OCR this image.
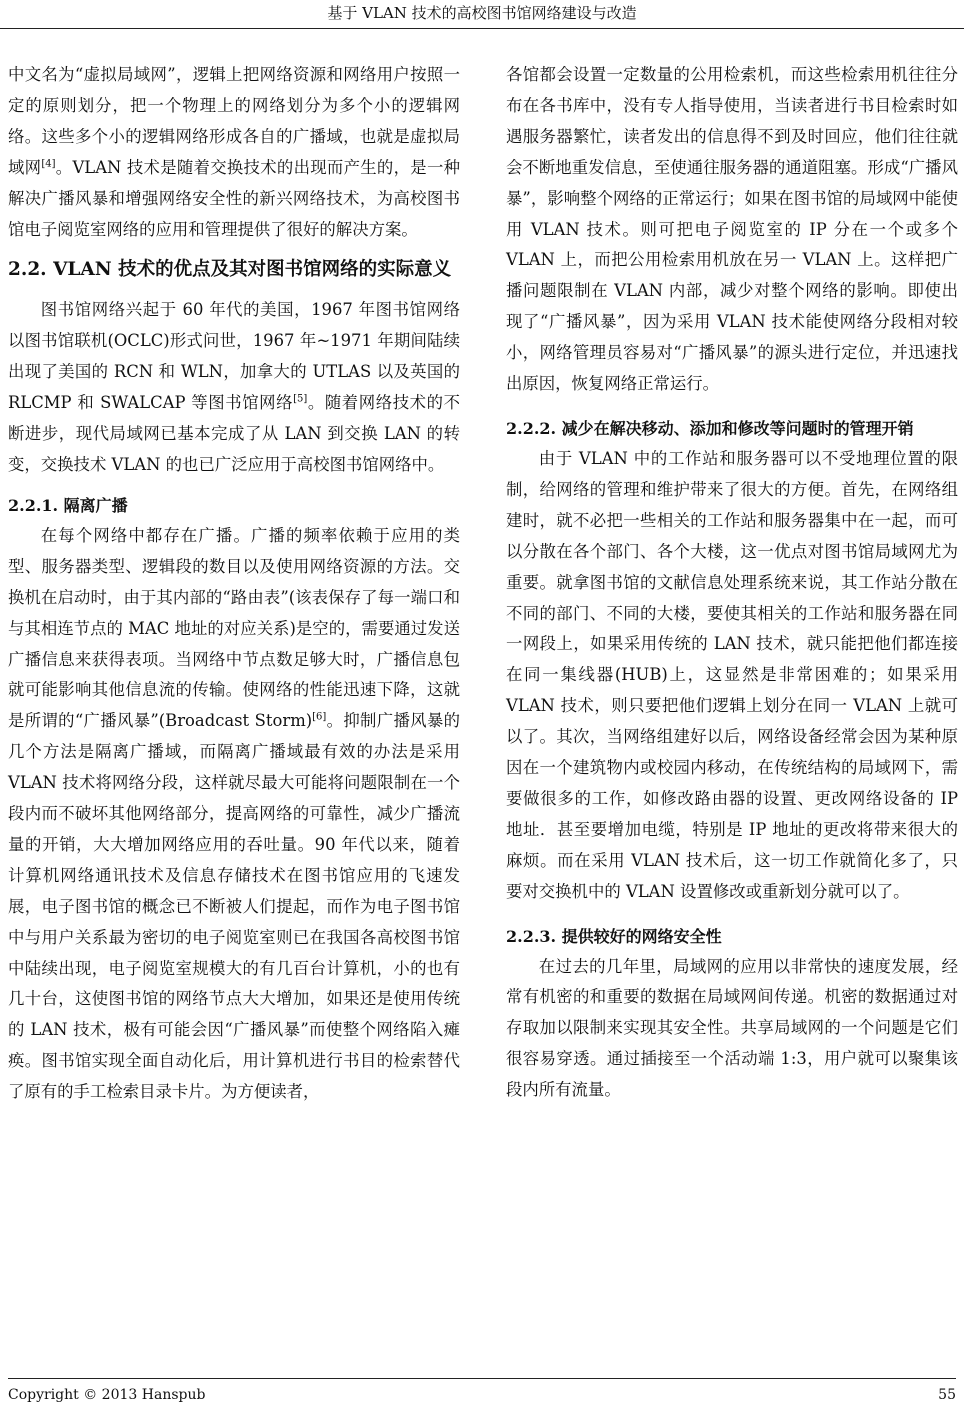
基于 VLAN 技术的高校图书馆网络建设与改造

中文名为“虚拟局域网”，逻辑上把网络资源和网络用户按照一定的原则划分，把一个物理上的网络划分为多个小的逻辑网络。这些多个小的逻辑网络形成各自的广播域，也就是虚拟局域网[4]。VLAN 技术是随着交换技术的出现而产生的，是一种解决广播风暴和增强网络安全性的新兴网络技术，为高校图书馆电子阅览室网络的应用和管理提供了很好的解决方案。

2.2. VLAN 技术的优点及其对图书馆网络的实际意义

图书馆网络兴起于 60 年代的美国，1967 年图书馆网络以图书馆联机(OCLC)形式问世，1967 年~1971 年期间陆续出现了美国的 RCN 和 WLN，加拿大的 UTLAS 以及英国的 RLCMP 和 SWALCAP 等图书馆网络[5]。随着网络技术的不断进步，现代局域网已基本完成了从 LAN 到交换 LAN 的转变，交换技术 VLAN 的也已广泛应用于高校图书馆网络中。

2.2.1. 隔离广播

在每个网络中都存在广播。广播的频率依赖于应用的类型、服务器类型、逻辑段的数目以及使用网络资源的方法。交换机在启动时，由于其内部的“路由表”(该表保存了每一端口和与其相连节点的 MAC 地址的对应关系)是空的，需要通过发送广播信息来获得表项。当网络中节点数足够大时，广播信息包就可能影响其他信息流的传输。使网络的性能迅速下降，这就是所谓的“广播风暴”(Broadcast Storm)[6]。抑制广播风暴的几个方法是隔离广播域，而隔离广播域最有效的办法是采用 VLAN 技术将网络分段，这样就尽最大可能将问题限制在一个段内而不破坏其他网络部分，提高网络的可靠性，减少广播流量的开销，大大增加网络应用的吞吐量。90 年代以来，随着计算机网络通讯技术及信息存储技术在图书馆应用的飞速发展，电子图书馆的概念已不断被人们提起，而作为电子图书馆中与用户关系最为密切的电子阅览室则已在我国各高校图书馆中陆续出现，电子阅览室规模大的有几百台计算机，小的也有几十台，这使图书馆的网络节点大大增加，如果还是使用传统的 LAN 技术，极有可能会因“广播风暴”而使整个网络陷入瘫痪。图书馆实现全面自动化后，用计算机进行书目的检索替代了原有的手工检索目录卡片。为方便读者，

各馆都会设置一定数量的公用检索机，而这些检索用机往往分布在各书库中，没有专人指导使用，当读者进行书目检索时如遇服务器繁忙，读者发出的信息得不到及时回应，他们往往就会不断地重发信息，至使通往服务器的通道阻塞。形成“广播风暴”，影响整个网络的正常运行；如果在图书馆的局域网中能使用 VLAN 技术。则可把电子阅览室的 IP 分在一个或多个 VLAN 上，而把公用检索用机放在另一 VLAN 上。这样把广播问题限制在 VLAN 内部，减少对整个网络的影响。即使出现了“广播风暴”，因为采用 VLAN 技术能使网络分段相对较小，网络管理员容易对“广播风暴”的源头进行定位，并迅速找出原因，恢复网络正常运行。

2.2.2. 减少在解决移动、添加和修改等问题时的管理开销

由于 VLAN 中的工作站和服务器可以不受地理位置的限制，给网络的管理和维护带来了很大的方便。首先，在网络组建时，就不必把一些相关的工作站和服务器集中在一起，而可以分散在各个部门、各个大楼，这一优点对图书馆局域网尤为重要。就拿图书馆的文献信息处理系统来说，其工作站分散在不同的部门、不同的大楼，要使其相关的工作站和服务器在同一网段上，如果采用传统的 LAN 技术，就只能把他们都连接在同一集线器(HUB)上，这显然是非常困难的；如果采用 VLAN 技术，则只要把他们逻辑上划分在同一 VLAN 上就可以了。其次，当网络组建好以后，网络设备经常会因为某种原因在一个建筑物内或校园内移动，在传统结构的局域网下，需要做很多的工作，如修改路由器的设置、更改网络设备的 IP 地址．甚至要增加电缆，特别是 IP 地址的更改将带来很大的麻烦。而在采用 VLAN 技术后，这一切工作就简化多了，只要对交换机中的 VLAN 设置修改或重新划分就可以了。

2.2.3. 提供较好的网络安全性

在过去的几年里，局域网的应用以非常快的速度发展，经常有机密的和重要的数据在局域网间传递。机密的数据通过对存取加以限制来实现其安全性。共享局域网的一个问题是它们很容易穿透。通过插接至一个活动端 1:3，用户就可以聚集该段内所有流量。

Copyright © 2013 Hanspub	55
